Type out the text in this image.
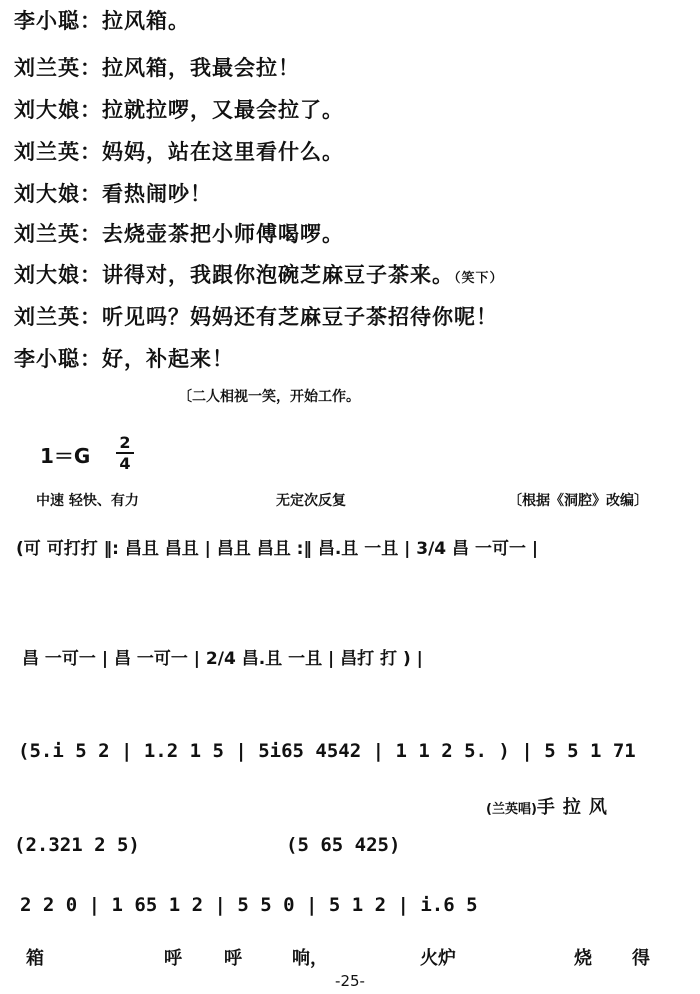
李小聪：拉风箱。
刘兰英：拉风箱，我最会拉！
刘大娘：拉就拉啰，又最会拉了。
刘兰英：妈妈，站在这里看什么。
刘大娘：看热闹吵！
刘兰英：去烧壶茶把小师傅喝啰。
刘大娘：讲得对，我跟你泡碗芝麻豆子茶来。（笑下）
刘兰英：听见吗？妈妈还有芝麻豆子茶招待你呢！
李小聪：好，补起来！
〔二人相视一笑，开始工作。
1＝G
2
4
中速 轻快、有力	无定次反复	〔根据《洞腔》改编〕
(可 可打打 ‖: 昌且 昌且 | 昌且 昌且 :‖ 昌.且 一且 | 3/4 昌 一可一 |
昌 一可一 | 昌 一可一 | 2/4 昌.且 一且 | 昌打 打 ) |
(5.i 5 2 | 1.2 1 5 | 5i65 4542 | 1 1 2 5. ) | 5 5 1 71
(兰英唱)手拉风
(2.321 2 5)	(5 65 425)
2 2 0 | 1 65 1 2 | 5 5 0 | 5 1 2 | i.6 5
箱	呼 呼	响，	火炉	烧 得
-25-
